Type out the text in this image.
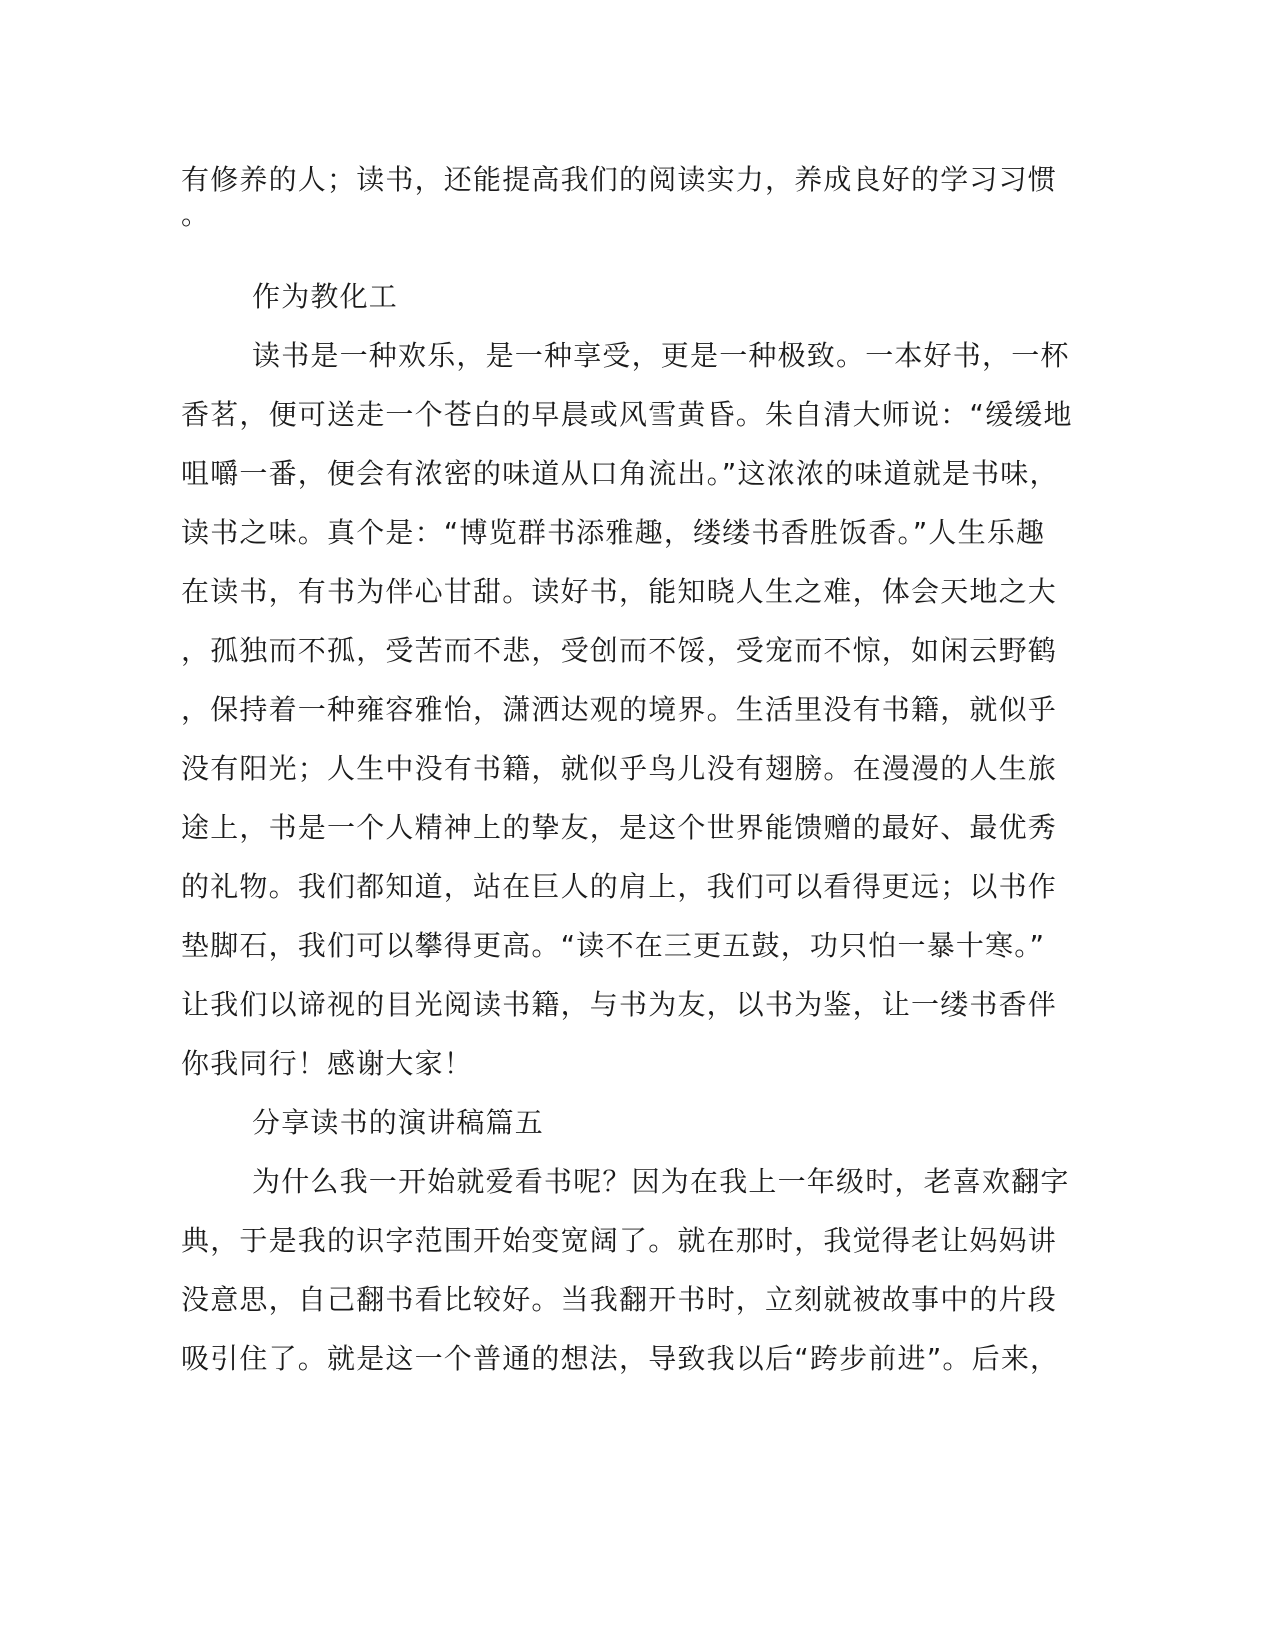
有修养的人；读书，还能提高我们的阅读实力，养成良好的学习习惯
。
作为教化工
读书是一种欢乐，是一种享受，更是一种极致。一本好书，一杯
香茗，便可送走一个苍白的早晨或风雪黄昏。朱自清大师说：“缓缓地
咀嚼一番，便会有浓密的味道从口角流出。”这浓浓的味道就是书味，
读书之味。真个是：“博览群书添雅趣，缕缕书香胜饭香。”人生乐趣
在读书，有书为伴心甘甜。读好书，能知晓人生之难，体会天地之大
，孤独而不孤，受苦而不悲，受创而不馁，受宠而不惊，如闲云野鹤
，保持着一种雍容雅怡，潇洒达观的境界。生活里没有书籍，就似乎
没有阳光；人生中没有书籍，就似乎鸟儿没有翅膀。在漫漫的人生旅
途上，书是一个人精神上的挚友，是这个世界能馈赠的最好、最优秀
的礼物。我们都知道，站在巨人的肩上，我们可以看得更远；以书作
垫脚石，我们可以攀得更高。“读不在三更五鼓，功只怕一暴十寒。”
让我们以谛视的目光阅读书籍，与书为友，以书为鉴，让一缕书香伴
你我同行！感谢大家！
分享读书的演讲稿篇五
为什么我一开始就爱看书呢？因为在我上一年级时，老喜欢翻字
典，于是我的识字范围开始变宽阔了。就在那时，我觉得老让妈妈讲
没意思，自己翻书看比较好。当我翻开书时，立刻就被故事中的片段
吸引住了。就是这一个普通的想法，导致我以后“跨步前进”。后来，
